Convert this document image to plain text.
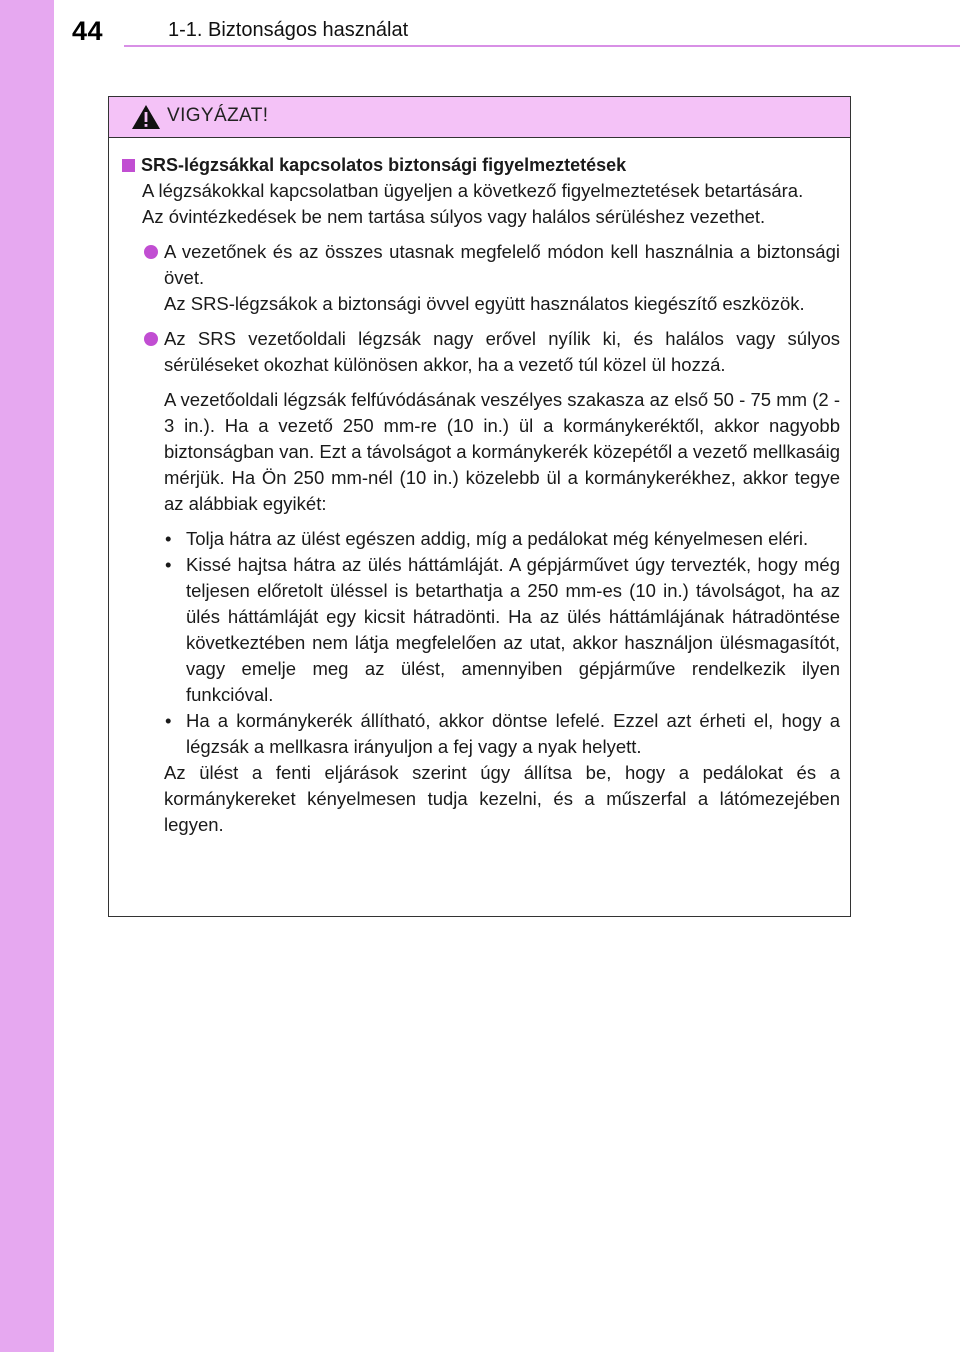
44	1-1. Biztonságos használat
VIGYÁZAT!
SRS-légzsákkal kapcsolatos biztonsági figyelmeztetések
A légzsákokkal kapcsolatban ügyeljen a következő figyelmeztetések betartására.
Az óvintézkedések be nem tartása súlyos vagy halálos sérüléshez vezethet.
A vezetőnek és az összes utasnak megfelelő módon kell használnia a biztonsági övet.
Az SRS-légzsákok a biztonsági övvel együtt használatos kiegészítő eszközök.
Az SRS vezetőoldali légzsák nagy erővel nyílik ki, és halálos vagy súlyos sérüléseket okozhat különösen akkor, ha a vezető túl közel ül hozzá.
A vezetőoldali légzsák felfúvódásának veszélyes szakasza az első 50 - 75 mm (2 - 3 in.). Ha a vezető 250 mm-re (10 in.) ül a kormánykeréktől, akkor nagyobb biztonságban van. Ezt a távolságot a kormánykerék közepétől a vezető mellkasáig mérjük. Ha Ön 250 mm-nél (10 in.) közelebb ül a kormánykerékhez, akkor tegye az alábbiak egyikét:
• Tolja hátra az ülést egészen addig, míg a pedálokat még kényelmesen eléri.
• Kissé hajtsa hátra az ülés háttámláját. A gépjárművet úgy tervezték, hogy még teljesen előretolt üléssel is betarthatja a 250 mm-es (10 in.) távolságot, ha az ülés háttámláját egy kicsit hátradönti. Ha az ülés háttámlájának hátradöntése következtében nem látja megfelelően az utat, akkor használjon ülésmagasítót, vagy emelje meg az ülést, amennyiben gépjárműve rendelkezik ilyen funkcióval.
• Ha a kormánykerék állítható, akkor döntse lefelé. Ezzel azt érheti el, hogy a légzsák a mellkasra irányuljon a fej vagy a nyak helyett.
Az ülést a fenti eljárások szerint úgy állítsa be, hogy a pedálokat és a kormánykereket kényelmesen tudja kezelni, és a műszerfal a látómezejében legyen.
